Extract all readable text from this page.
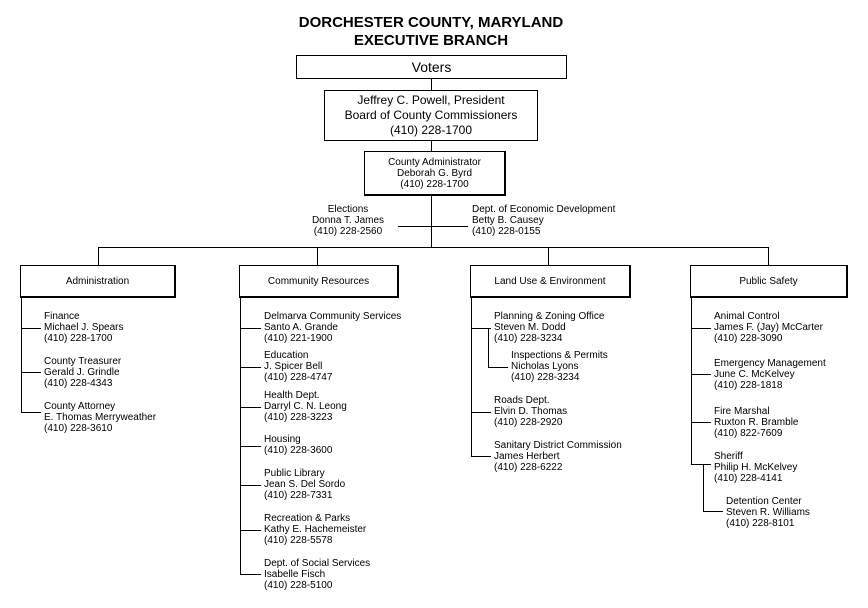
DORCHESTER COUNTY, MARYLAND
EXECUTIVE BRANCH
Voters
Jeffrey C. Powell, President
Board of County Commissioners
(410) 228-1700
County Administrator
Deborah G. Byrd
(410) 228-1700
Elections
Donna T. James
(410) 228-2560
Dept. of Economic Development
Betty B. Causey
(410) 228-0155
Administration	Community Resources	Land Use & Environment	Public Safety
Finance
Michael J. Spears
(410) 228-1700
County Treasurer
Gerald J. Grindle
(410) 228-4343
County Attorney
E. Thomas Merryweather
(410) 228-3610
Delmarva Community Services
Santo A. Grande
(410) 221-1900
Education
J. Spicer Bell
(410) 228-4747
Health Dept.
Darryl C. N. Leong
(410) 228-3223
Housing
(410) 228-3600
Public Library
Jean S. Del Sordo
(410) 228-7331
Recreation & Parks
Kathy E. Hachemeister
(410) 228-5578
Dept. of Social Services
Isabelle Fisch
(410) 228-5100
Planning & Zoning Office
Steven M. Dodd
(410) 228-3234
Inspections & Permits
Nicholas Lyons
(410) 228-3234
Roads Dept.
Elvin D. Thomas
(410) 228-2920
Sanitary District Commission
James Herbert
(410) 228-6222
Animal Control
James F. (Jay) McCarter
(410) 228-3090
Emergency Management
June C. McKelvey
(410) 228-1818
Fire Marshal
Ruxton R. Bramble
(410) 822-7609
Sheriff
Philip H. McKelvey
(410) 228-4141
Detention Center
Steven R. Williams
(410) 228-8101
